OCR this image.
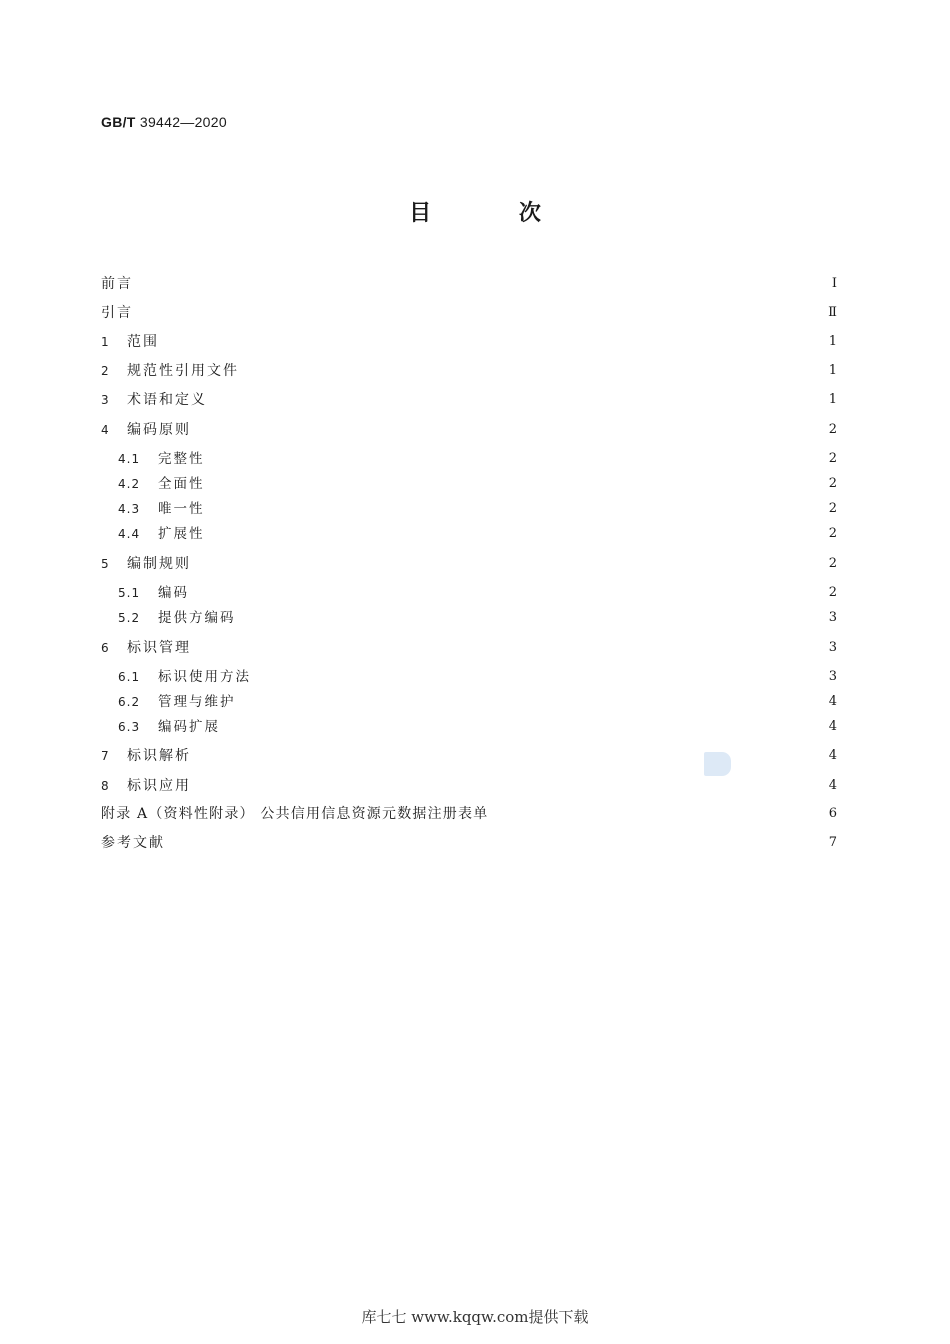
GB/T 39442—2020
目 次
前言	Ⅰ
引言	Ⅱ
1	范围	1
2	规范性引用文件	1
3	术语和定义	1
4	编码原则	2
4.1	完整性	2
4.2	全面性	2
4.3	唯一性	2
4.4	扩展性	2
5	编制规则	2
5.1	编码	2
5.2	提供方编码	3
6	标识管理	3
6.1	标识使用方法	3
6.2	管理与维护	4
6.3	编码扩展	4
7	标识解析	4
8	标识应用	4
附录 A（资料性附录） 公共信用信息资源元数据注册表单	6
参考文献	7
库七七 www.kqqw.com提供下载
